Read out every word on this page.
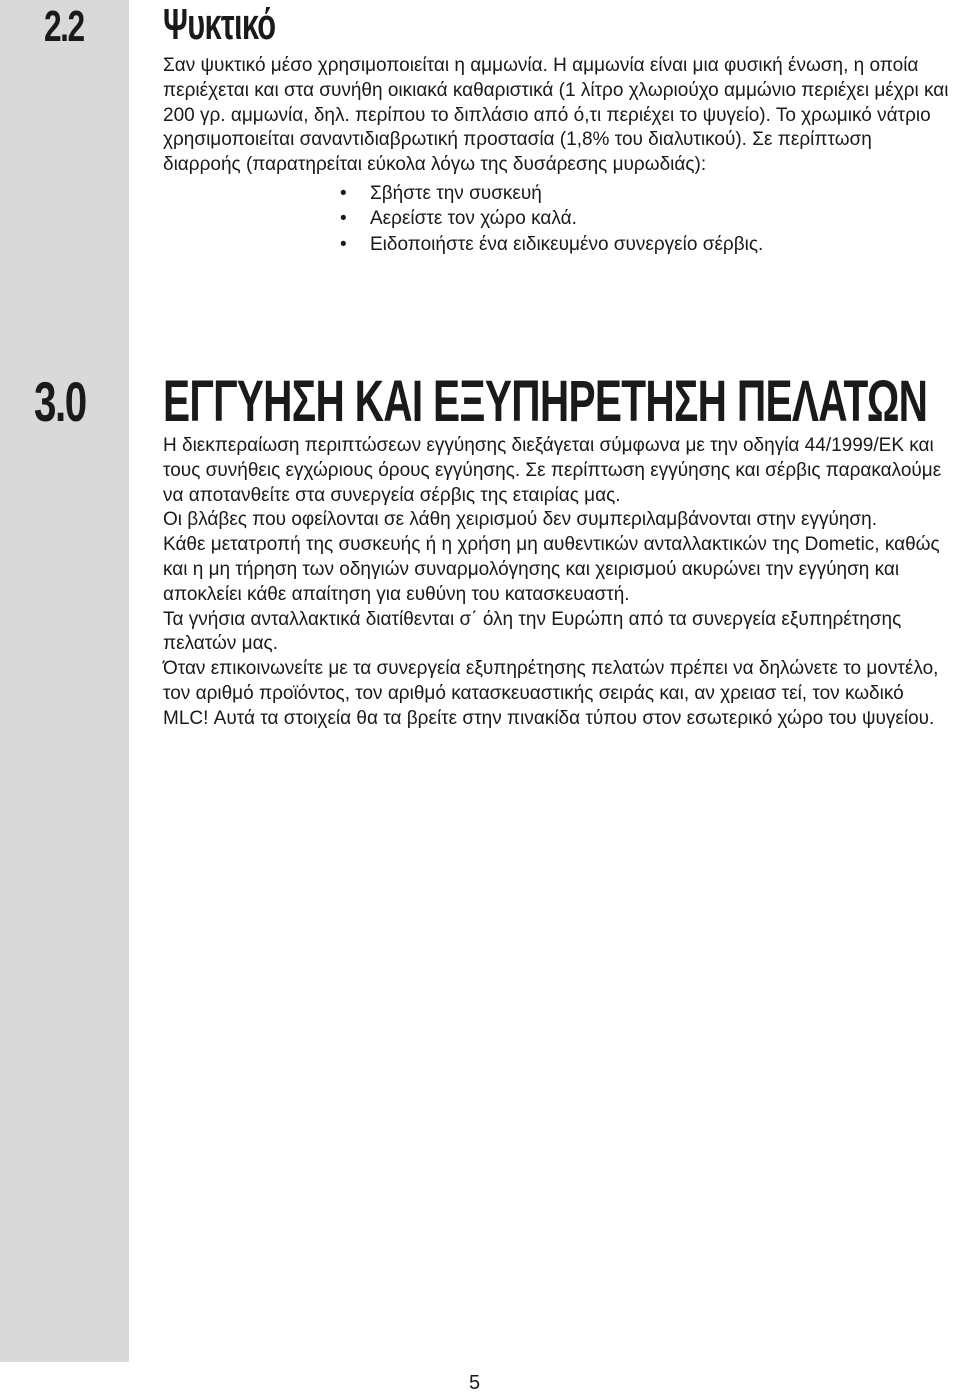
2.2	Ψυκτικό

Σαν ψυκτικό μέσο χρησιμοποιείται η αμμωνία. Η αμμωνία είναι μια φυσική ένωση, η οποία περιέχεται και στα συνήθη οικιακά καθαριστικά (1 λίτρο χλωριούχο αμμώνιο περιέχει μέχρι και 200 γρ. αμμωνία, δηλ. περίπου το διπλάσιο από ό,τι περιέχει το ψυγείο). Το χρωμικό νάτριο χρησιμοποιείται σαναντιδιαβρωτική προστασία (1,8% του διαλυτικού). Σε περίπτωση διαρροής (παρατηρείται εύκολα λόγω της δυσάρεσης μυρωδιάς):

• Σβήστε την συσκευή
• Αερείστε τον χώρο καλά.
• Ειδοποιήστε ένα ειδικευμένο συνεργείο σέρβις.
3.0 ΕΓΓΥΗΣΗ ΚΑΙ ΕΞΥΠΗΡΕΤΗΣΗ ΠΕΛΑΤΩΝ

Η διεκπεραίωση περιπτώσεων εγγύησης διεξάγεται σύμφωνα με την οδηγία 44/1999/ΕΚ και τους συνήθεις εγχώριους όρους εγγύησης. Σε περίπτωση εγγύησης και σέρβις παρακαλούμε να αποτανθείτε στα συνεργεία σέρβις της εταιρίας μας.

Οι βλάβες που οφείλονται σε λάθη χειρισμού δεν συμπεριλαμβάνονται στην εγγύηση.

Κάθε μετατροπή της συσκευής ή η χρήση μη αυθεντικών ανταλλακτικών της Dometic, καθώς και η μη τήρηση των οδηγιών συναρμολόγησης και χειρισμού ακυρώνει την εγγύηση και αποκλείει κάθε απαίτηση για ευθύνη του κατασκευαστή.

Τα γνήσια ανταλλακτικά διατίθενται σ΄ όλη την Ευρώπη από τα συνεργεία εξυπηρέτησης πελατών μας.

Όταν επικοινωνείτε με τα συνεργεία εξυπηρέτησης πελατών πρέπει να δηλώνετε το μοντέλο, τον αριθμό προϊόντος, τον αριθμό κατασκευαστικής σειράς και, αν χρειασ τεί, τον κωδικό MLC! Αυτά τα στοιχεία θα τα βρείτε στην πινακίδα τύπου στον εσωτερικό χώρο του ψυγείου.

5
